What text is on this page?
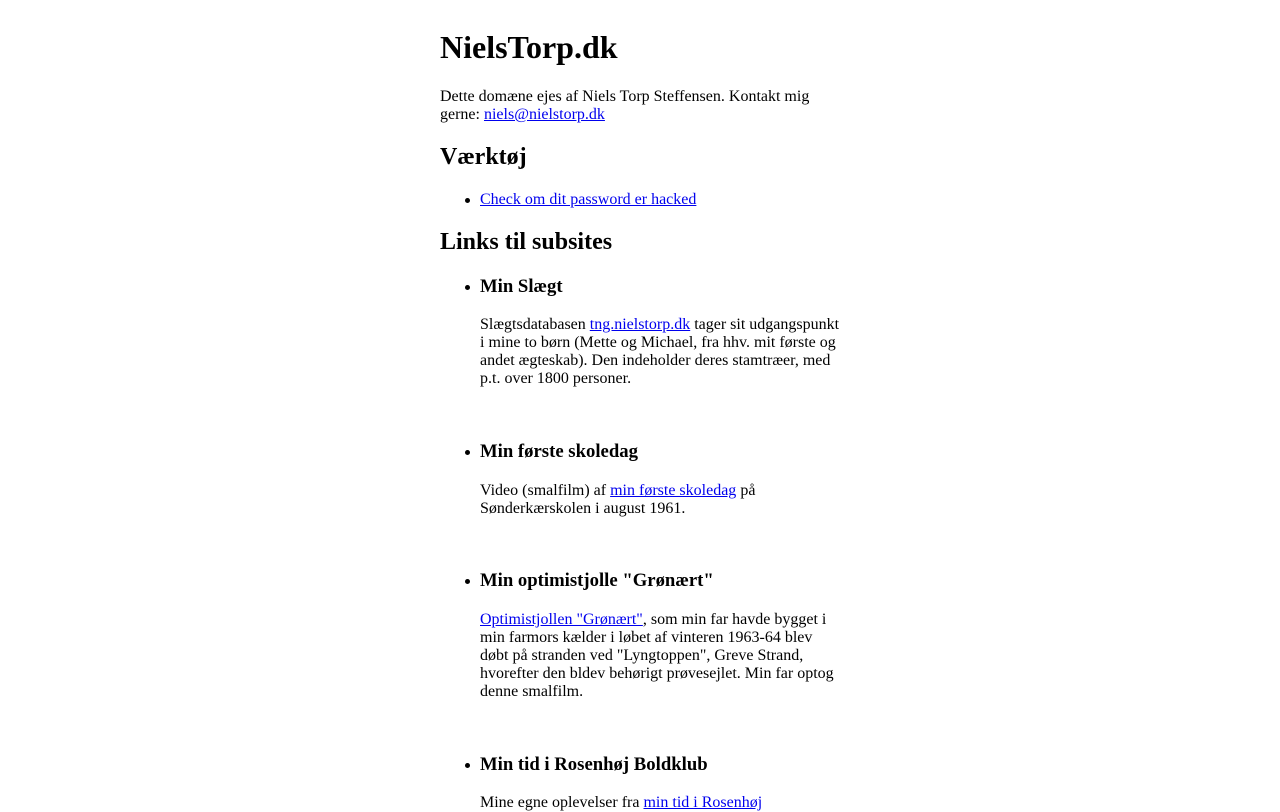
NielsTorp.dk

Dette domæne ejes af Niels Torp Steffensen. Kontakt mig gerne: niels@nielstorp.dk

Værktøj
Check om dit password er hacked
Links til subsites
Min Slægt

Slægtsdatabasen tng.nielstorp.dk tager sit udgangspunkt i mine to børn (Mette og Michael, fra hhv. mit første og andet ægteskab). Den indeholder deres stamtræer, med p.t. over 1800 personer.

Min første skoledag

Video (smalfilm) af min første skoledag på Sønderkærskolen i august 1961.

Min optimistjolle "Grønært"

Optimistjollen "Grønært", som min far havde bygget i min farmors kælder i løbet af vinteren 1963-64 blev døbt på stranden ved "Lyngtoppen", Greve Strand, hvorefter den bldev behørigt prøvesejlet. Min far optog denne smalfilm.

Min tid i Rosenhøj Boldklub

Mine egne oplevelser fra min tid i Rosenhøj
